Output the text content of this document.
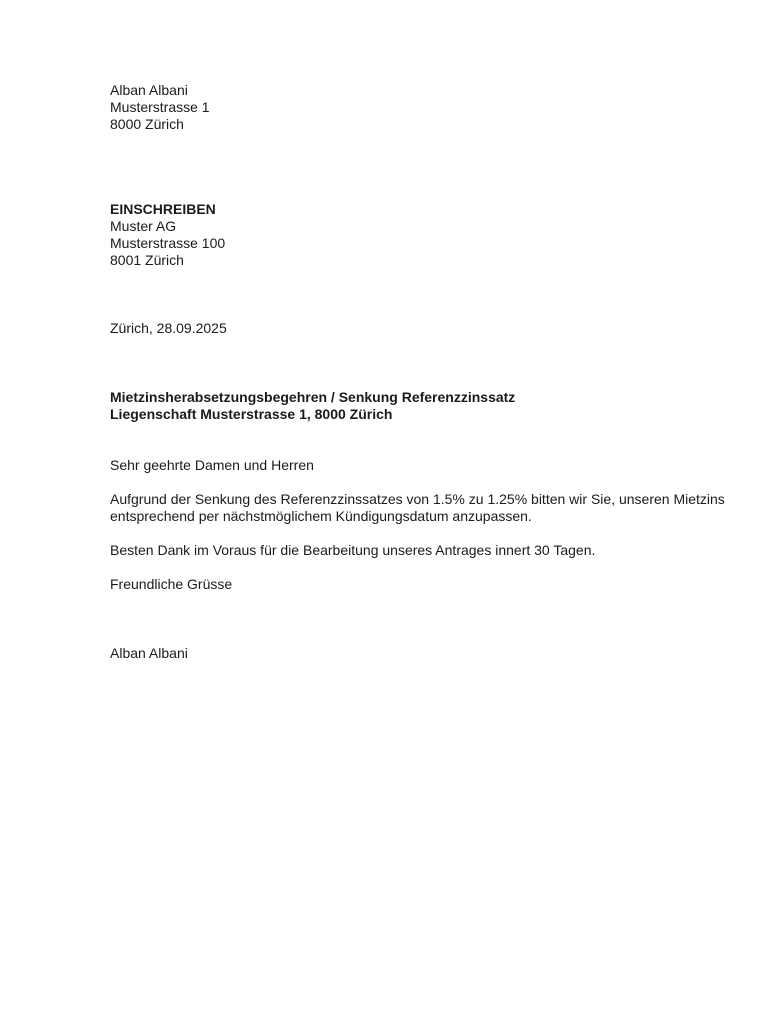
Alban Albani
Musterstrasse 1
8000 Zürich
EINSCHREIBEN
Muster AG
Musterstrasse 100
8001 Zürich
Zürich, 28.09.2025
Mietzinsherabsetzungsbegehren / Senkung Referenzzinssatz
Liegenschaft Musterstrasse 1, 8000 Zürich
Sehr geehrte Damen und Herren
Aufgrund der Senkung des Referenzzinssatzes von 1.5% zu 1.25% bitten wir Sie, unseren Mietzins
entsprechend per nächstmöglichem Kündigungsdatum anzupassen.
Besten Dank im Voraus für die Bearbeitung unseres Antrages innert 30 Tagen.
Freundliche Grüsse
Alban Albani
